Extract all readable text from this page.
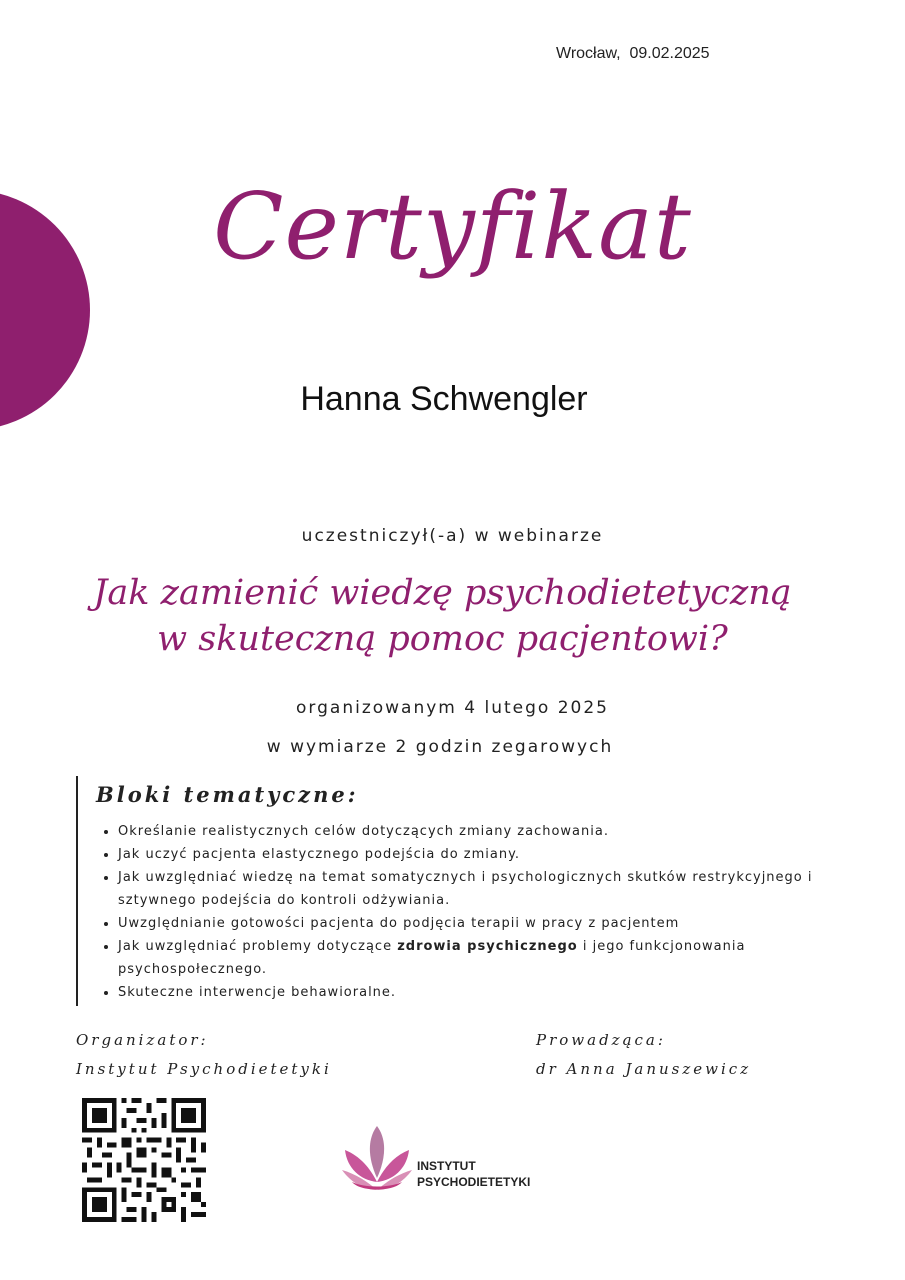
Wrocław,  09.02.2025
Certyfikat
Hanna Schwengler
uczestniczył(-a) w webinarze
Jak zamienić wiedzę psychodietetyczną
w skuteczną pomoc pacjentowi?
organizowanym 4 lutego 2025
w wymiarze 2 godzin zegarowych
Bloki tematyczne:
• Określanie realistycznych celów dotyczących zmiany zachowania.
• Jak uczyć pacjenta elastycznego podejścia do zmiany.
• Jak uwzględniać wiedzę na temat somatycznych i psychologicznych skutków restrykcyjnego i sztywnego podejścia do kontroli odżywiania.
• Uwzględnianie gotowości pacjenta do podjęcia terapii w pracy z pacjentem
• Jak uwzględniać problemy dotyczące zdrowia psychicznego i jego funkcjonowania psychospołecznego.
• Skuteczne interwencje behawioralne.
Organizator:
Instytut Psychodietetyki
Prowadząca:
dr Anna Januszewicz
INSTYTUT
PSYCHODIETETYKI
